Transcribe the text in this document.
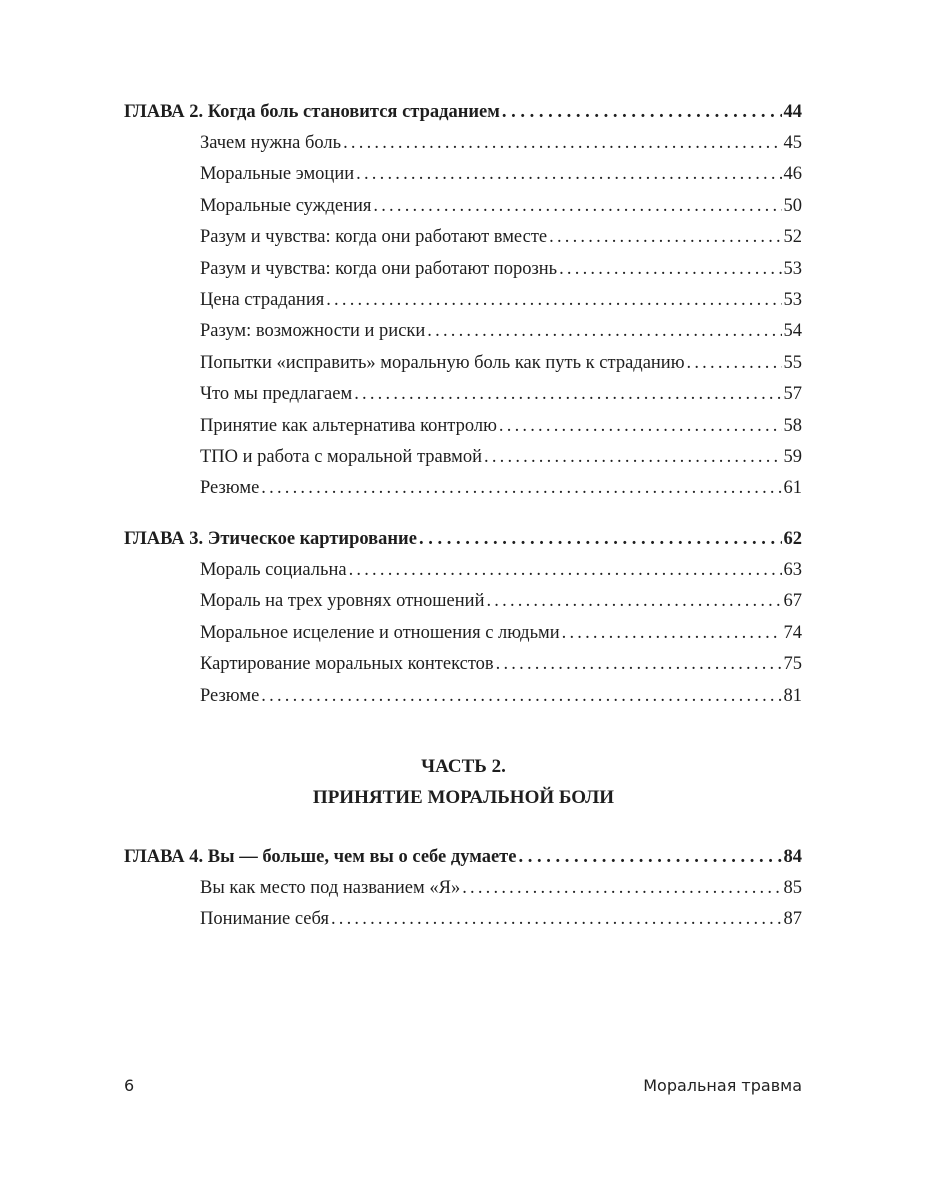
ГЛАВА 2. Когда боль становится страданием . . .	44
Зачем нужна боль .....	45
Моральные эмоции .....	46
Моральные суждения .....	50
Разум и чувства: когда они работают вместе .....	52
Разум и чувства: когда они работают порознь .....	53
Цена страдания .....	53
Разум: возможности и риски .....	54
Попытки «исправить» моральную боль как путь к страданию .....	55
Что мы предлагаем .....	57
Принятие как альтернатива контролю .....	58
ТПО и работа с моральной травмой .....	59
Резюме .....	61
ГЛАВА 3. Этическое картирование . . .	62
Мораль социальна .....	63
Мораль на трех уровнях отношений .....	67
Моральное исцеление и отношения с людьми .....	74
Картирование моральных контекстов .....	75
Резюме .....	81
ЧАСТЬ 2.
ПРИНЯТИЕ МОРАЛЬНОЙ БОЛИ
ГЛАВА 4. Вы — больше, чем вы о себе думаете . . .	84
Вы как место под названием «Я» .....	85
Понимание себя .....	87
6	Моральная травма
